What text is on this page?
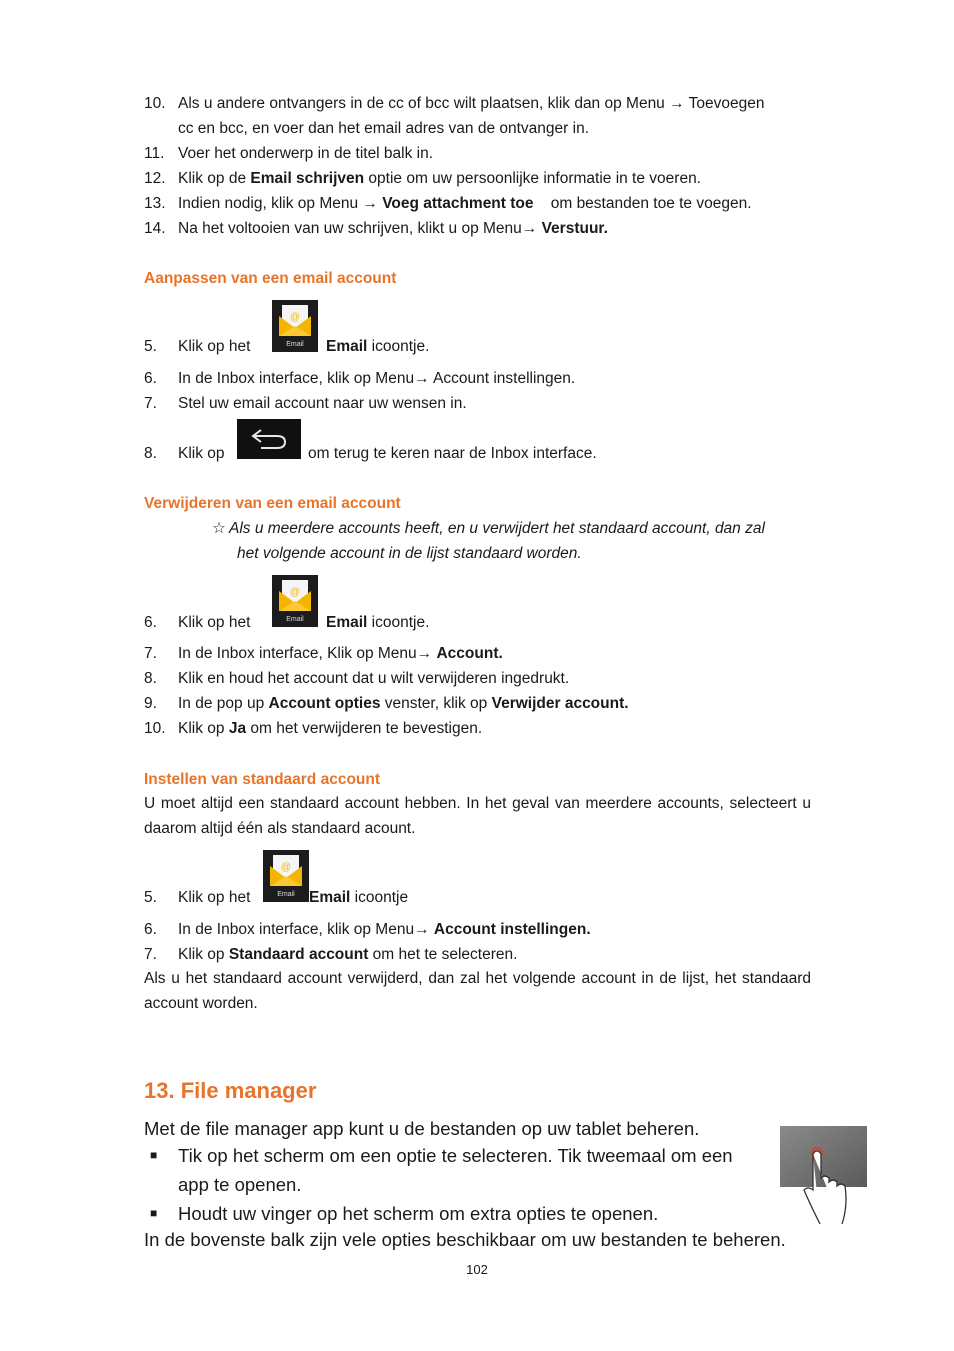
10. Als u andere ontvangers in de cc of bcc wilt plaatsen, klik dan op Menu → Toevoegen
cc en bcc, en voer dan het email adres van de ontvanger in.
11. Voer het onderwerp in de titel balk in.
12. Klik op de Email schrijven optie om uw persoonlijke informatie in te voeren.
13. Indien nodig, klik op Menu → Voeg attachment toe    om bestanden toe te voegen.
14. Na het voltooien van uw schrijven, klikt u op Menu→ Verstuur.
Aanpassen van een email account
5. Klik op het
@
Email	Email icoontje.
6. In de Inbox interface, klik op Menu→ Account instellingen.
7. Stel uw email account naar uw wensen in.
8. Klik op	om terug te keren naar de Inbox interface.
Verwijderen van een email account
☆ Als u meerdere accounts heeft, en u verwijdert het standaard account, dan zal
het volgende account in de lijst standaard worden.
6. Klik op het
@
Email	Email icoontje.
7. In de Inbox interface, Klik op Menu→ Account.
8. Klik en houd het account dat u wilt verwijderen ingedrukt.
9. In de pop up Account opties venster, klik op Verwijder account.
10. Klik op Ja om het verwijderen te bevestigen.
Instellen van standaard account
U moet altijd een standaard account hebben. In het geval van meerdere accounts, selecteert u daarom altijd één als standaard acount.
5. Klik op het
@
Email Email icoontje
6. In de Inbox interface, klik op Menu→ Account instellingen.
7. Klik op Standaard account om het te selecteren.
Als u het standaard account verwijderd, dan zal het volgende account in de lijst, het standaard account worden.
13. File manager
Met de file manager app kunt u de bestanden op uw tablet beheren.
■ Tik op het scherm om een optie te selecteren. Tik tweemaal om een
app te openen.
■ Houdt uw vinger op het scherm om extra opties te openen.
In de bovenste balk zijn vele opties beschikbaar om uw bestanden te beheren.
102
